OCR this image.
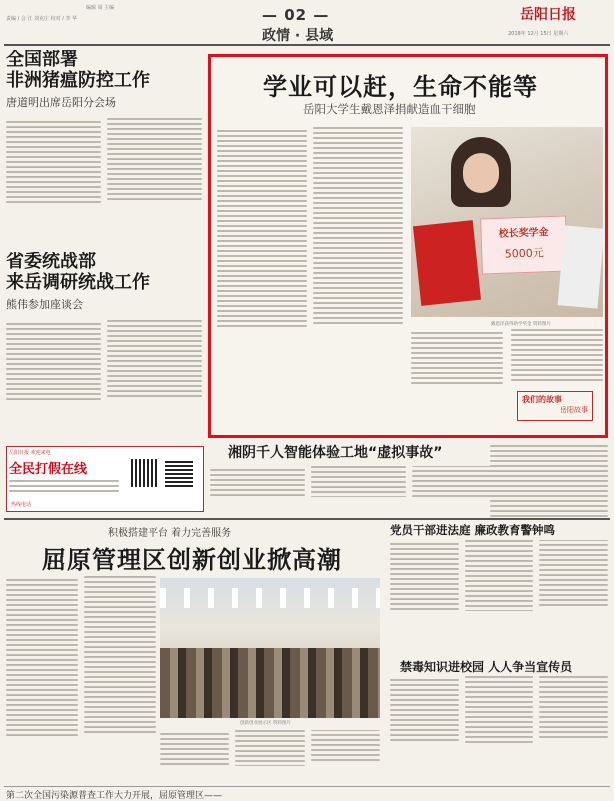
编辑 周 主编
责编 / 会 江 刘克庄 校对 / 李 华	— 02 —
政情 · 县域
岳阳日报
2018年 12月 15日 星期六
全国部署
非洲猪瘟防控工作
唐道明出席岳阳分会场
省委统战部
来岳调研统战工作
熊伟参加座谈会
学业可以赶，生命不能等
岳阳大学生戴恩泽捐献造血干细胞
校长奖学金
5000元
戴恩泽获得助学奖金 资料图片
我们的故事
岳阳故事
湘阴千人智能体验工地“虚拟事故”
岳阳日报 欢迎来电
全民打假在线
热线电话
积极搭建平台 着力完善服务
屈原管理区创新创业掀高潮
创新创业展示区 资料图片
党员干部进法庭 廉政教育警钟鸣
禁毒知识进校园 人人争当宣传员
第二次全国污染源普查工作大力开展，屈原管理区——
